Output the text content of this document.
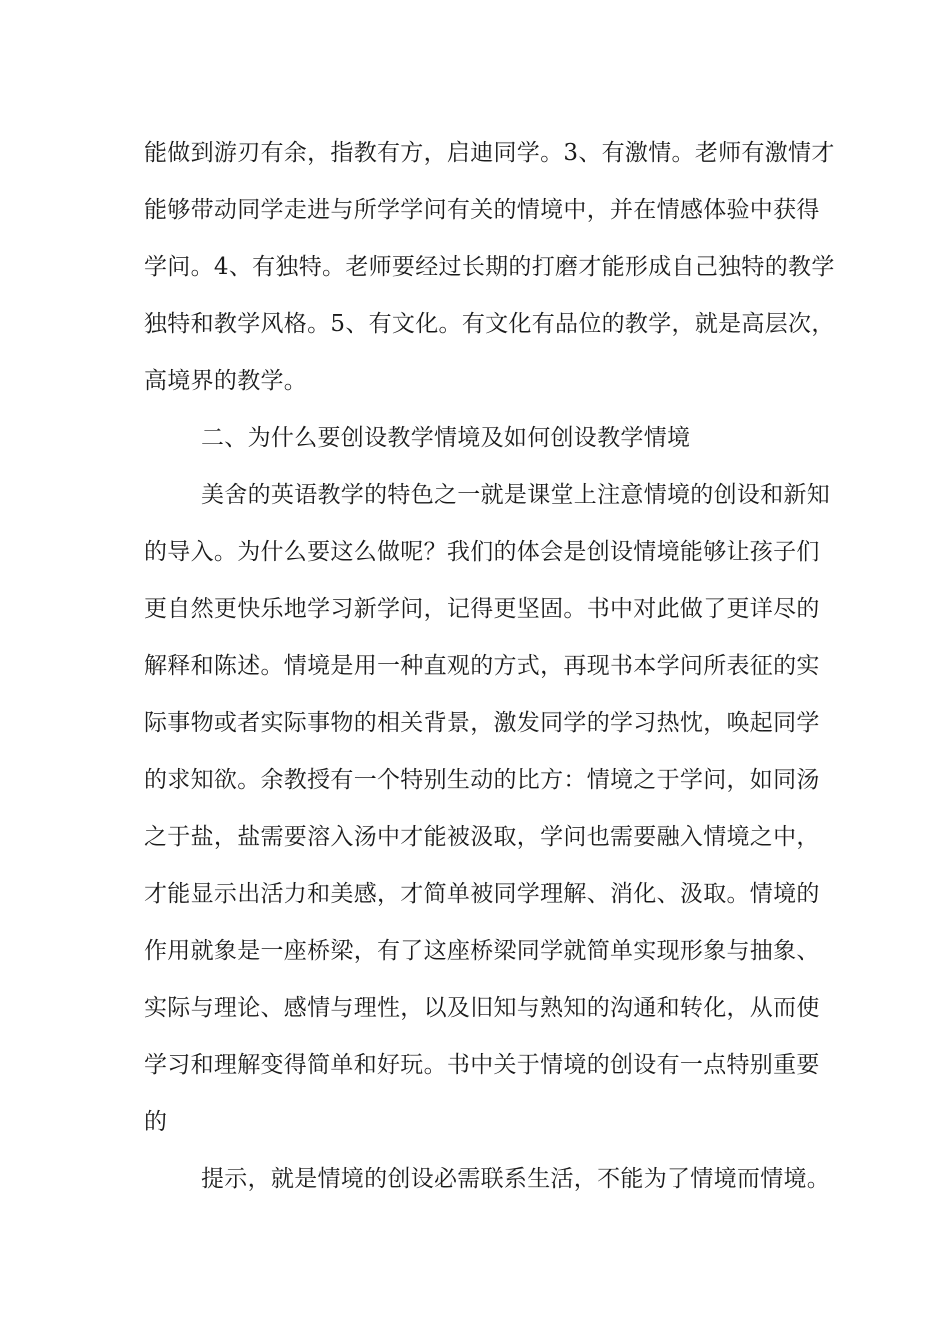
能做到游刃有余，指教有方，启迪同学。3、有激情。老师有激情才
能够带动同学走进与所学学问有关的情境中，并在情感体验中获得
学问。4、有独特。老师要经过长期的打磨才能形成自己独特的教学
独特和教学风格。5、有文化。有文化有品位的教学，就是高层次，
高境界的教学。
二、为什么要创设教学情境及如何创设教学情境
美舍的英语教学的特色之一就是课堂上注意情境的创设和新知
的导入。为什么要这么做呢？我们的体会是创设情境能够让孩子们
更自然更快乐地学习新学问，记得更坚固。书中对此做了更详尽的
解释和陈述。情境是用一种直观的方式，再现书本学问所表征的实
际事物或者实际事物的相关背景，激发同学的学习热忱，唤起同学
的求知欲。余教授有一个特别生动的比方：情境之于学问，如同汤
之于盐，盐需要溶入汤中才能被汲取，学问也需要融入情境之中，
才能显示出活力和美感，才简单被同学理解、消化、汲取。情境的
作用就象是一座桥梁，有了这座桥梁同学就简单实现形象与抽象、
实际与理论、感情与理性，以及旧知与熟知的沟通和转化，从而使
学习和理解变得简单和好玩。书中关于情境的创设有一点特别重要
的
提示，就是情境的创设必需联系生活，不能为了情境而情境。
